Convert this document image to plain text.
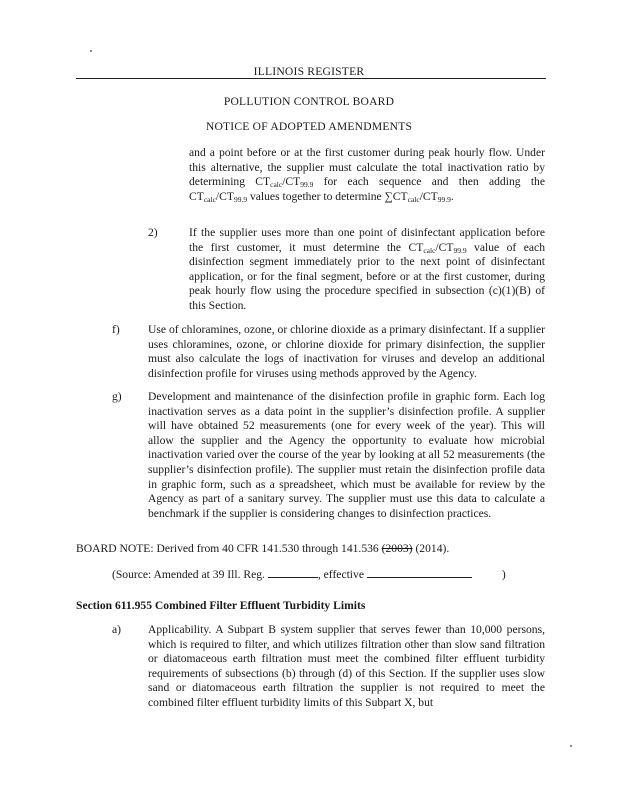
ILLINOIS REGISTER
POLLUTION CONTROL BOARD
NOTICE OF ADOPTED AMENDMENTS
and a point before or at the first customer during peak hourly flow. Under this alternative, the supplier must calculate the total inactivation ratio by determining $CT_{calc}/CT_{99.9}$ for each sequence and then adding the $CT_{calc}/CT_{99.9}$ values together to determine $\sum CT_{calc}/CT_{99.9}$.
2)	If the supplier uses more than one point of disinfectant application before the first customer, it must determine the $CT_{calc}/CT_{99.9}$ value of each disinfection segment immediately prior to the next point of disinfectant application, or for the final segment, before or at the first customer, during peak hourly flow using the procedure specified in subsection (c)(1)(B) of this Section.
f) Use of chloramines, ozone, or chlorine dioxide as a primary disinfectant. If a supplier uses chloramines, ozone, or chlorine dioxide for primary disinfection, the supplier must also calculate the logs of inactivation for viruses and develop an additional disinfection profile for viruses using methods approved by the Agency.
g) Development and maintenance of the disinfection profile in graphic form. Each log inactivation serves as a data point in the supplier’s disinfection profile. A supplier will have obtained 52 measurements (one for every week of the year). This will allow the supplier and the Agency the opportunity to evaluate how microbial inactivation varied over the course of the year by looking at all 52 measurements (the supplier’s disinfection profile). The supplier must retain the disinfection profile data in graphic form, such as a spreadsheet, which must be available for review by the Agency as part of a sanitary survey. The supplier must use this data to calculate a benchmark if the supplier is considering changes to disinfection practices.
BOARD NOTE: Derived from 40 CFR 141.530 through 141.536 (2003) (2014).
(Source: Amended at 39 Ill. Reg.	, effective	)
Section 611.955 Combined Filter Effluent Turbidity Limits
a) Applicability. A Subpart B system supplier that serves fewer than 10,000 persons, which is required to filter, and which utilizes filtration other than slow sand filtration or diatomaceous earth filtration must meet the combined filter effluent turbidity requirements of subsections (b) through (d) of this Section. If the supplier uses slow sand or diatomaceous earth filtration the supplier is not required to meet the combined filter effluent turbidity limits of this Subpart X, but
